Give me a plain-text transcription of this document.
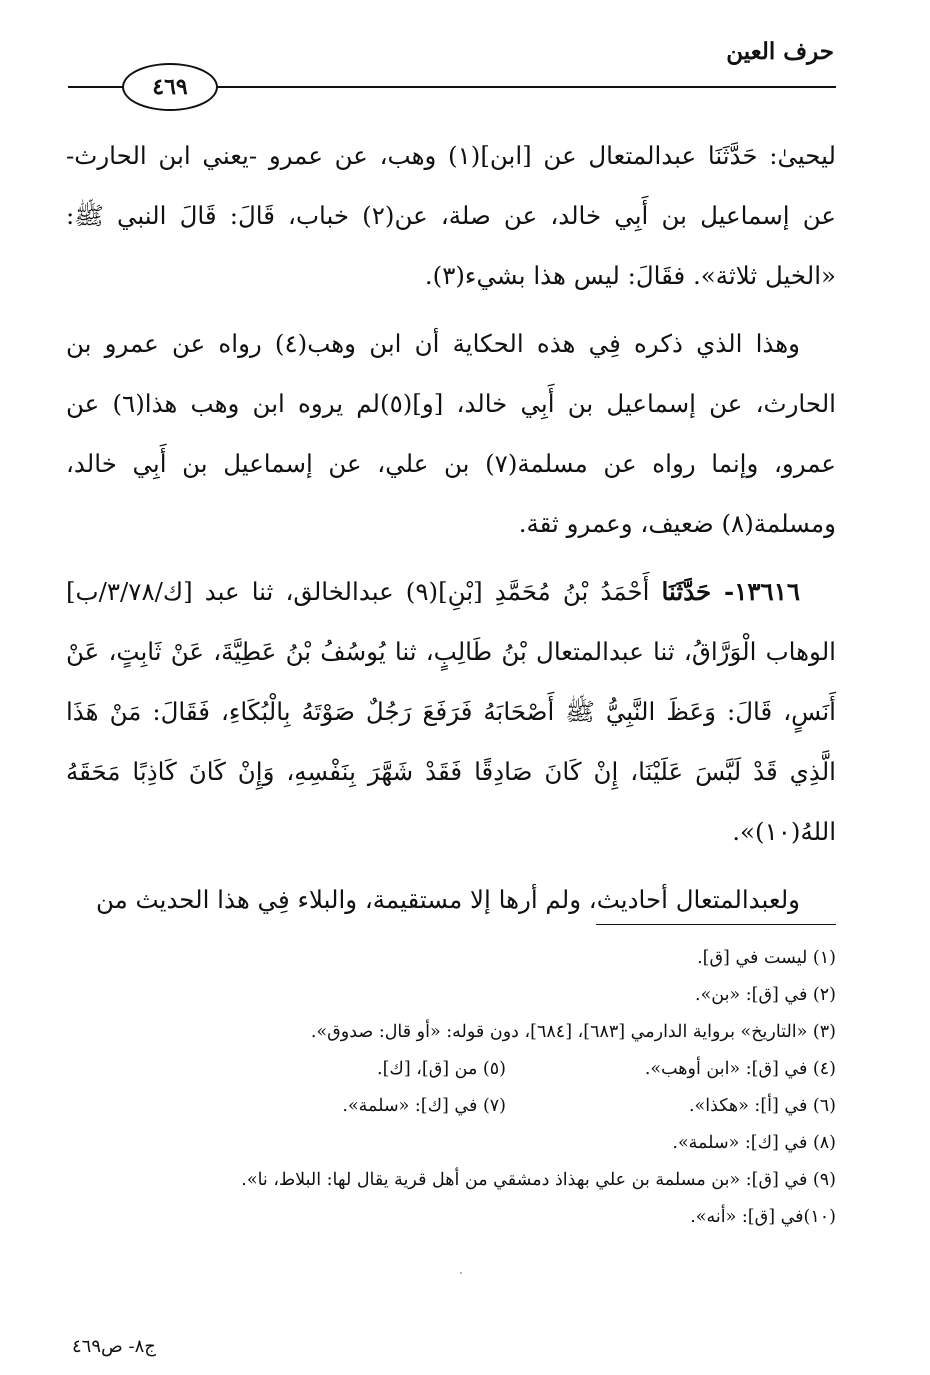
حرف العين
٤٦٩

ليحيىٰ: حَدَّثَنَا عبدالمتعال عن [ابن](١) وهب، عن عمرو -يعني ابن الحارث- عن إسماعيل بن أَبِي خالد، عن صلة، عن(٢) خباب، قَالَ: قَالَ النبي ﷺ: «الخيل ثلاثة». فقَالَ: ليس هذا بشيء(٣).

وهذا الذي ذكره فِي هذه الحكاية أن ابن وهب(٤) رواه عن عمرو بن الحارث، عن إسماعيل بن أَبِي خالد، [و](٥)لم يروه ابن وهب هذا(٦) عن عمرو، وإنما رواه عن مسلمة(٧) بن علي، عن إسماعيل بن أَبِي خالد، ومسلمة(٨) ضعيف، وعمرو ثقة.

١٣٦١٦- حَدَّثَنَا أَحْمَدُ بْنُ مُحَمَّدِ [بْنِ](٩) عبدالخالق، ثنا عبد [ك/٣/٧٨/ب] الوهاب الْوَرَّاقُ، ثنا عبدالمتعال بْنُ طَالِبٍ، ثنا يُوسُفُ بْنُ عَطِيَّةَ، عَنْ ثَابِتٍ، عَنْ أَنَسٍ، قَالَ: وَعَظَ النَّبِيُّ ﷺ أَصْحَابَهُ فَرَفَعَ رَجُلٌ صَوْتَهُ بِالْبُكَاءِ، فَقَالَ: مَنْ هَذَا الَّذِي قَدْ لَبَّسَ عَلَيْنَا، إِنْ كَانَ صَادِقًا فَقَدْ شَهَّرَ بِنَفْسِهِ، وَإِنْ كَانَ كَاذِبًا مَحَقَهُ اللهُ(١٠)».

ولعبدالمتعال أحاديث، ولم أرها إلا مستقيمة، والبلاء فِي هذا الحديث من

(١) ليست في [ق].
(٢) في [ق]: «بن».
(٣) «التاريخ» برواية الدارمي [٦٨٣]، [٦٨٤]، دون قوله: «أو قال: صدوق».
(٤) في [ق]: «ابن أوهب».
(٥) من [ق]، [ك].
(٦) في [أ]: «هكذا».
(٧) في [ك]: «سلمة».
(٨) في [ك]: «سلمة».
(٩) في [ق]: «بن مسلمة بن علي بهذاذ دمشقي من أهل قرية يقال لها: البلاط، نا».
(١٠)في [ق]: «أنه».
ج٨- ص٤٦٩
